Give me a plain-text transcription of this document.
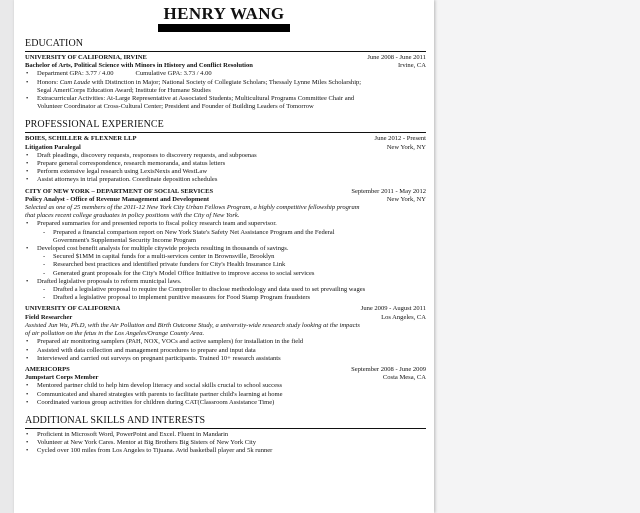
HENRY WANG
EDUCATION
UNIVERSITY OF CALIFORNIA, IRVINE	June 2008 - June 2011
Bachelor of Arts, Political Science with Minors in History and Conflict Resolution	Irvine, CA
• Department GPA: 3.77 / 4.00	Cumulative GPA: 3.73 / 4.00
• Honors: Cum Laude with Distinction in Major; National Society of Collegiate Scholars; Thessaly Lynne Miles Scholarship;
Segal AmeriCorps Education Award; Institute for Humane Studies
• Extracurricular Activities: At-Large Representative at Associated Students; Multicultural Programs Committee Chair and
Volunteer Coordinator at Cross-Cultural Center; President and Founder of Building Leaders of Tomorrow
PROFESSIONAL EXPERIENCE
BOIES, SCHILLER & FLEXNER LLP	June 2012 - Present
Litigation Paralegal	New York, NY
• Draft pleadings, discovery requests, responses to discovery requests, and subpoenas
• Prepare general correspondence, research memoranda, and status letters
• Perform extensive legal research using LexisNexis and WestLaw
• Assist attorneys in trial preparation. Coordinate deposition schedules
CITY OF NEW YORK – DEPARTMENT OF SOCIAL SERVICES	September 2011 - May 2012
Policy Analyst - Office of Revenue Management and Development	New York, NY
Selected as one of 25 members of the 2011-12 New York City Urban Fellows Program, a highly competitive fellowship program
that places recent college graduates in policy positions with the City of New York.
• Prepared summaries for and presented reports to fiscal policy research team and supervisor.
- Prepared a financial comparison report on New York State's Safety Net Assistance Program and the Federal
Government's Supplemental Security Income Program
• Developed cost benefit analysis for multiple citywide projects resulting in thousands of savings.
- Secured $1MM in capital funds for a multi-services center in Brownsville, Brooklyn
- Researched best practices and identified private funders for City's Health Insurance Link
- Generated grant proposals for the City's Model Office Initiative to improve access to social services
• Drafted legislative proposals to reform municipal laws.
- Drafted a legislative proposal to require the Comptroller to disclose methodology and data used to set prevailing wages
- Drafted a legislative proposal to implement punitive measures for Food Stamp Program fraudsters
UNIVERSITY OF CALIFORNIA	June 2009 - August 2011
Field Researcher	Los Angeles, CA
Assisted Jun Wu, Ph.D, with the Air Pollution and Birth Outcome Study, a university-wide research study looking at the impacts
of air pollution on the fetus in the Los Angeles/Orange County Area.
• Prepared air monitoring samplers (PAH, NOX, VOCs and active samplers) for installation in the field
• Assisted with data collection and management procedures to prepare and input data
• Interviewed and carried out surveys on pregnant participants. Trained 10+ research assistants
AMERICORPS	September 2008 - June 2009
Jumpstart Corps Member	Costa Mesa, CA
• Mentored partner child to help him develop literacy and social skills crucial to school success
• Communicated and shared strategies with parents to facilitate partner child's learning at home
• Coordinated various group activities for children during CAT(Classroom Assistance Time)
ADDITIONAL SKILLS AND INTERESTS
• Proficient in Microsoft Word, PowerPoint and Excel. Fluent in Mandarin
• Volunteer at New York Cares. Mentor at Big Brothers Big Sisters of New York City
• Cycled over 100 miles from Los Angeles to Tijuana. Avid basketball player and 5k runner
